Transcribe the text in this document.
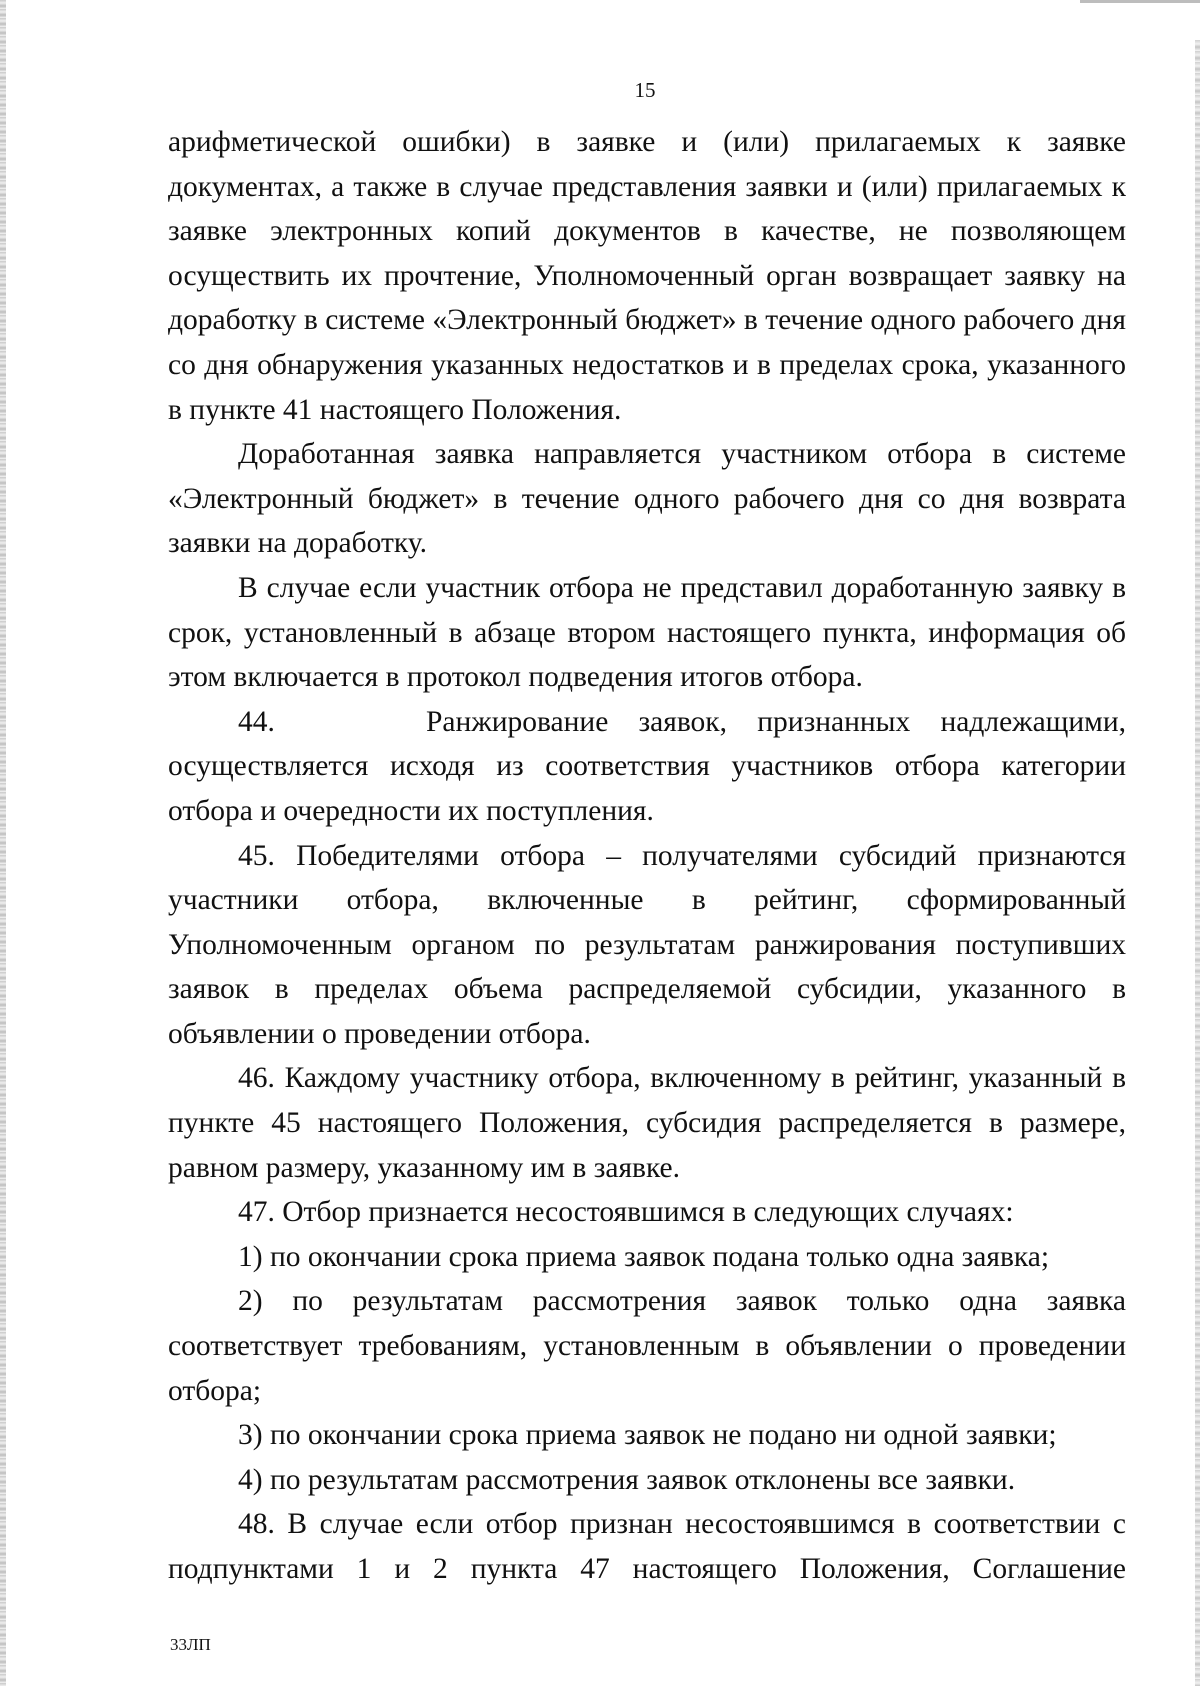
15

арифметической ошибки) в заявке и (или) прилагаемых к заявке документах, а также в случае представления заявки и (или) прилагаемых к заявке электронных копий документов в качестве, не позволяющем осуществить их прочтение, Уполномоченный орган возвращает заявку на доработку в системе «Электронный бюджет» в течение одного рабочего дня со дня обнаружения указанных недостатков и в пределах срока, указанного в пункте 41 настоящего Положения.

Доработанная заявка направляется участником отбора в системе «Электронный бюджет» в течение одного рабочего дня со дня возврата заявки на доработку.

В случае если участник отбора не представил доработанную заявку в срок, установленный в абзаце втором настоящего пункта, информация об этом включается в протокол подведения итогов отбора.

44.     Ранжирование заявок, признанных надлежащими, осуществляется исходя из соответствия участников отбора категории отбора и очередности их поступления.

45. Победителями отбора – получателями субсидий признаются участники отбора, включенные в рейтинг, сформированный Уполномоченным органом по результатам ранжирования поступивших заявок в пределах объема распределяемой субсидии, указанного в объявлении о проведении отбора.

46. Каждому участнику отбора, включенному в рейтинг, указанный в пункте 45 настоящего Положения, субсидия распределяется в размере, равном размеру, указанному им в заявке.

47. Отбор признается несостоявшимся в следующих случаях:

1) по окончании срока приема заявок подана только одна заявка;

2) по результатам рассмотрения заявок только одна заявка соответствует требованиям, установленным в объявлении о проведении отбора;

3) по окончании срока приема заявок не подано ни одной заявки;

4) по результатам рассмотрения заявок отклонены все заявки.

48. В случае если отбор признан несостоявшимся в соответствии с подпунктами 1 и 2 пункта 47 настоящего Положения, Соглашение

33ЛП
